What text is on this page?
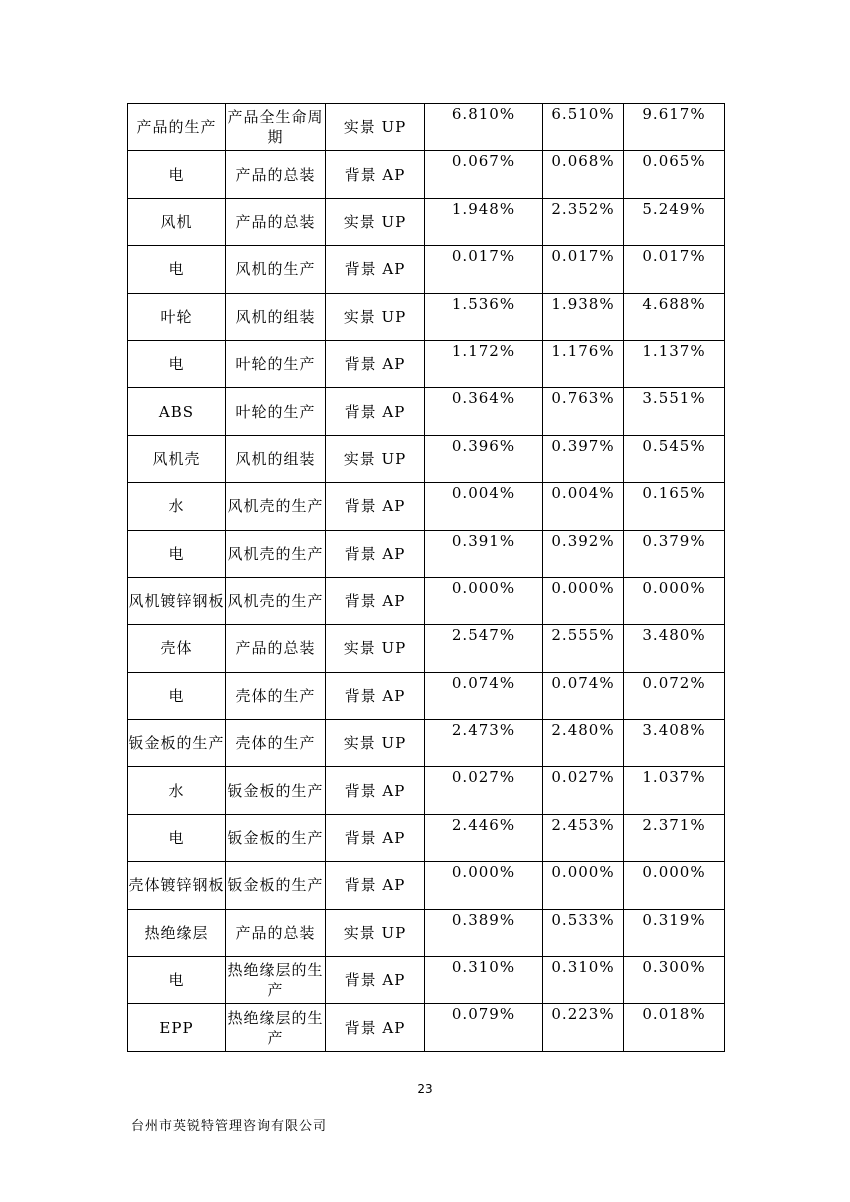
产品的生产	产品全生命周期	实景 UP	6.810%	6.510%	9.617%
电	产品的总装	背景 AP	0.067%	0.068%	0.065%
风机	产品的总装	实景 UP	1.948%	2.352%	5.249%
电	风机的生产	背景 AP	0.017%	0.017%	0.017%
叶轮	风机的组装	实景 UP	1.536%	1.938%	4.688%
电	叶轮的生产	背景 AP	1.172%	1.176%	1.137%
ABS	叶轮的生产	背景 AP	0.364%	0.763%	3.551%
风机壳	风机的组装	实景 UP	0.396%	0.397%	0.545%
水	风机壳的生产	背景 AP	0.004%	0.004%	0.165%
电	风机壳的生产	背景 AP	0.391%	0.392%	0.379%
风机镀锌钢板	风机壳的生产	背景 AP	0.000%	0.000%	0.000%
壳体	产品的总装	实景 UP	2.547%	2.555%	3.480%
电	壳体的生产	背景 AP	0.074%	0.074%	0.072%
钣金板的生产	壳体的生产	实景 UP	2.473%	2.480%	3.408%
水	钣金板的生产	背景 AP	0.027%	0.027%	1.037%
电	钣金板的生产	背景 AP	2.446%	2.453%	2.371%
壳体镀锌钢板	钣金板的生产	背景 AP	0.000%	0.000%	0.000%
热绝缘层	产品的总装	实景 UP	0.389%	0.533%	0.319%
电	热绝缘层的生产	背景 AP	0.310%	0.310%	0.300%
EPP	热绝缘层的生产	背景 AP	0.079%	0.223%	0.018%
23
台州市英锐特管理咨询有限公司
